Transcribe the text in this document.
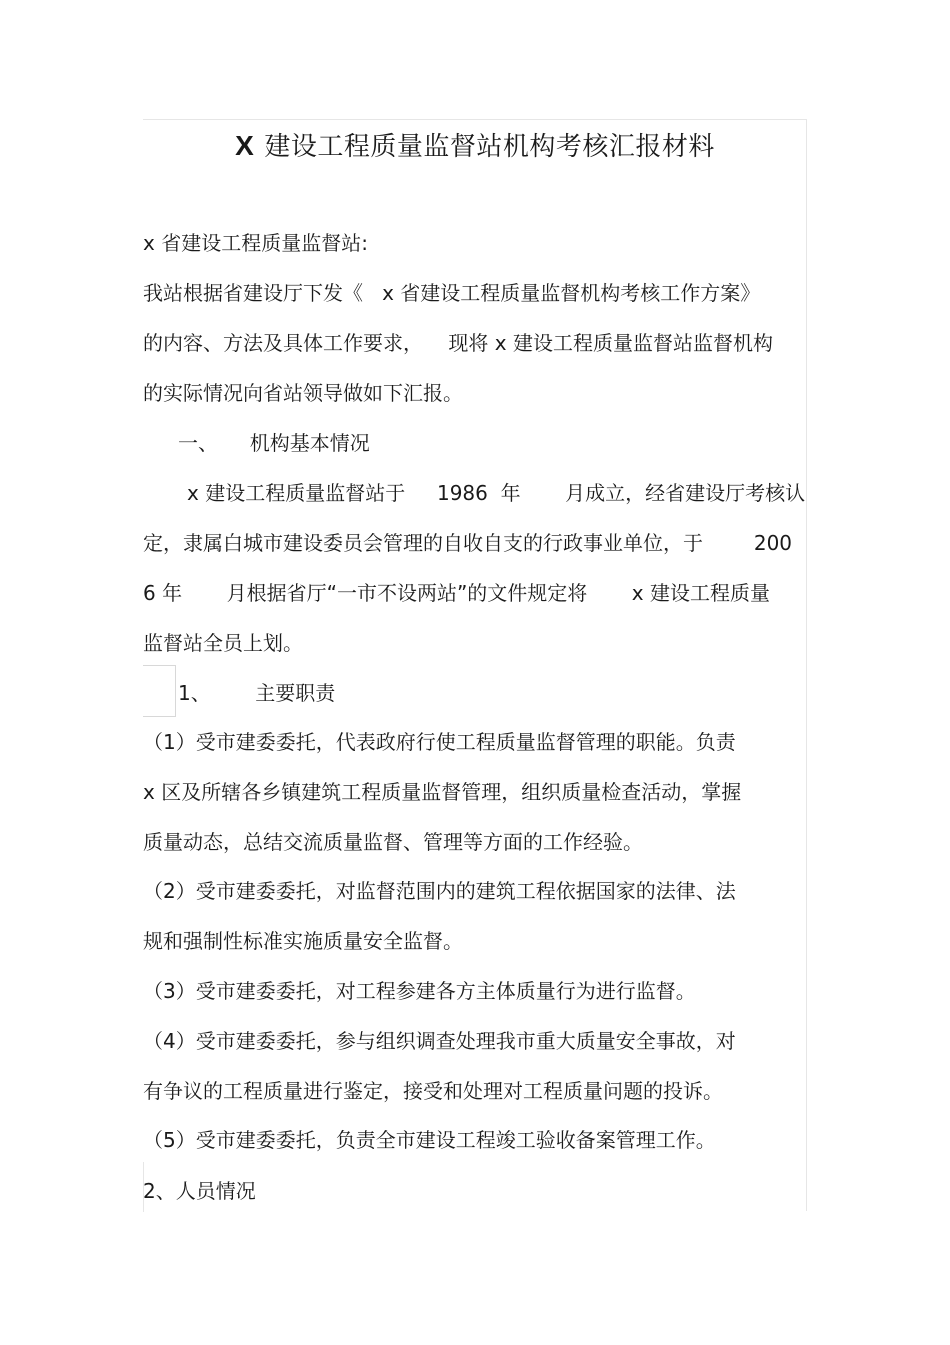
X 建设工程质量监督站机构考核汇报材料
x 省建设工程质量监督站:
我站根据省建设厅下发《   x 省建设工程质量监督机构考核工作方案》
的内容、方法及具体工作要求，    现将 x 建设工程质量监督站监督机构
的实际情况向省站领导做如下汇报。
一、     机构基本情况
x 建设工程质量监督站于     1986  年       月成立，经省建设厅考核认
定，隶属白城市建设委员会管理的自收自支的行政事业单位，于        200
6 年       月根据省厅“一市不设两站”的文件规定将       x 建设工程质量
监督站全员上划。
1、       主要职责
（1）受市建委委托，代表政府行使工程质量监督管理的职能。负责
x 区及所辖各乡镇建筑工程质量监督管理，组织质量检查活动，掌握
质量动态，总结交流质量监督、管理等方面的工作经验。
（2）受市建委委托，对监督范围内的建筑工程依据国家的法律、法
规和强制性标准实施质量安全监督。
（3）受市建委委托，对工程参建各方主体质量行为进行监督。
（4）受市建委委托，参与组织调查处理我市重大质量安全事故，对
有争议的工程质量进行鉴定，接受和处理对工程质量问题的投诉。
（5）受市建委委托，负责全市建设工程竣工验收备案管理工作。
2、人员情况
